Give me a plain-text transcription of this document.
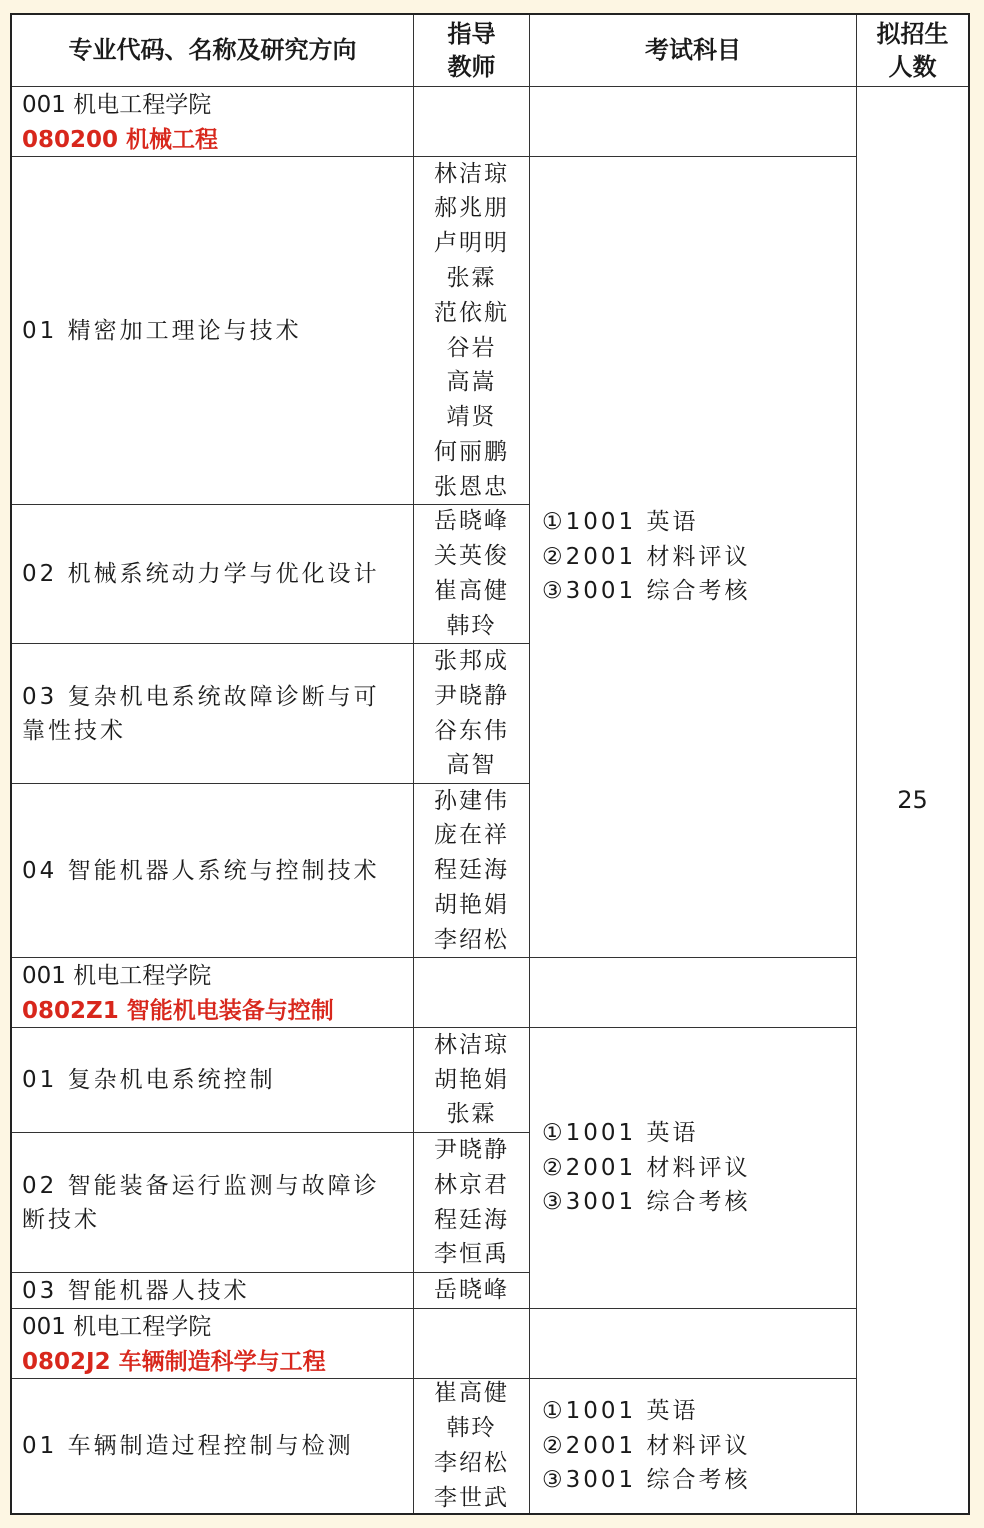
专业代码、名称及研究方向
指导
教师
考试科目
拟招生
人数
001 机电工程学院
080200 机械工程
01 精密加工理论与技术
林洁琼
郝兆朋
卢明明
张霖
范依航
谷岩
高嵩
靖贤
何丽鹏
张恩忠
02 机械系统动力学与优化设计
岳晓峰
关英俊
崔高健
韩玲
03 复杂机电系统故障诊断与可靠性技术
张邦成
尹晓静
谷东伟
高智
04 智能机器人系统与控制技术
孙建伟
庞在祥
程廷海
胡艳娟
李绍松
①1001 英语
②2001 材料评议
③3001 综合考核
001 机电工程学院
0802Z1 智能机电装备与控制
01 复杂机电系统控制
林洁琼
胡艳娟
张霖
02 智能装备运行监测与故障诊断技术
尹晓静
林京君
程廷海
李恒禹
03 智能机器人技术	岳晓峰
①1001 英语
②2001 材料评议
③3001 综合考核
001 机电工程学院
0802J2 车辆制造科学与工程
01 车辆制造过程控制与检测
崔高健
韩玲
李绍松
李世武
①1001 英语
②2001 材料评议
③3001 综合考核
25
